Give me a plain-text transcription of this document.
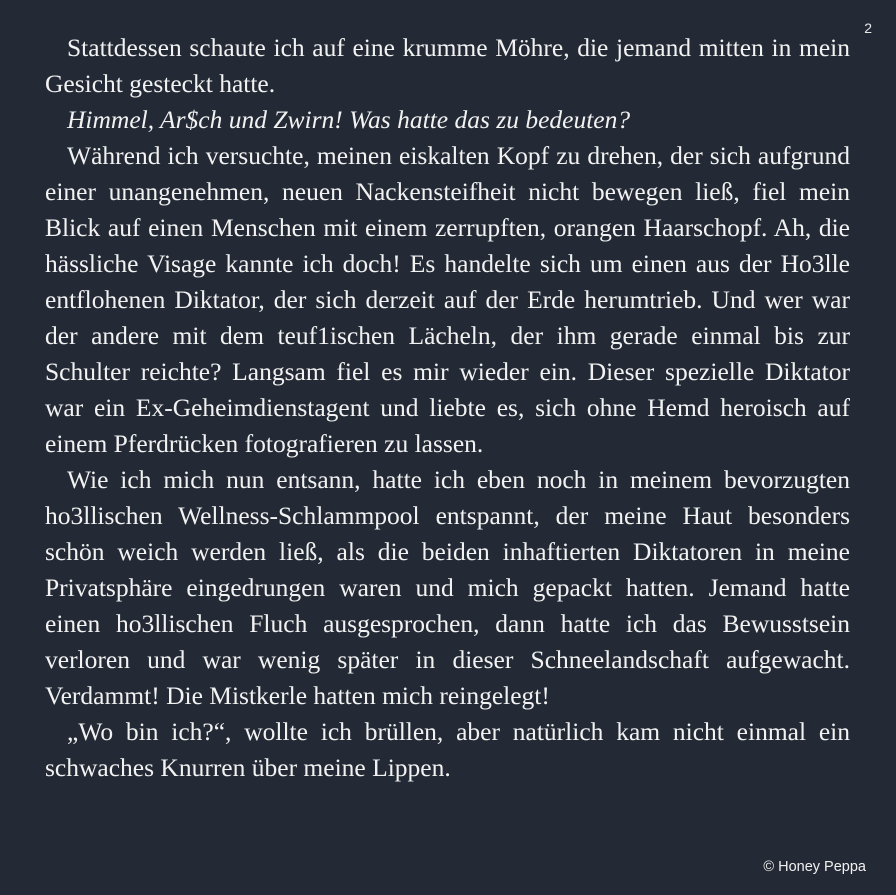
2

Stattdessen schaute ich auf eine krumme Möhre, die jemand mitten in mein Gesicht gesteckt hatte.

Himmel, Ar$ch und Zwirn! Was hatte das zu bedeuten?

Während ich versuchte, meinen eiskalten Kopf zu drehen, der sich aufgrund einer unangenehmen, neuen Nackensteifheit nicht bewegen ließ, fiel mein Blick auf einen Menschen mit einem zerrupften, orangen Haarschopf. Ah, die hässliche Visage kannte ich doch! Es handelte sich um einen aus der Ho3lle entflohenen Diktator, der sich derzeit auf der Erde herumtrieb. Und wer war der andere mit dem teuf1ischen Lächeln, der ihm gerade einmal bis zur Schulter reichte? Langsam fiel es mir wieder ein. Dieser spezielle Diktator war ein Ex-Geheimdienstagent und liebte es, sich ohne Hemd heroisch auf einem Pferdrücken fotografieren zu lassen.

Wie ich mich nun entsann, hatte ich eben noch in meinem bevorzugten ho3llischen Wellness-Schlammpool entspannt, der meine Haut besonders schön weich werden ließ, als die beiden inhaftierten Diktatoren in meine Privatsphäre eingedrungen waren und mich gepackt hatten. Jemand hatte einen ho3llischen Fluch ausgesprochen, dann hatte ich das Bewusstsein verloren und war wenig später in dieser Schneelandschaft aufgewacht. Verdammt! Die Mistkerle hatten mich reingelegt!

„Wo bin ich?“, wollte ich brüllen, aber natürlich kam nicht einmal ein schwaches Knurren über meine Lippen.

© Honey Peppa
